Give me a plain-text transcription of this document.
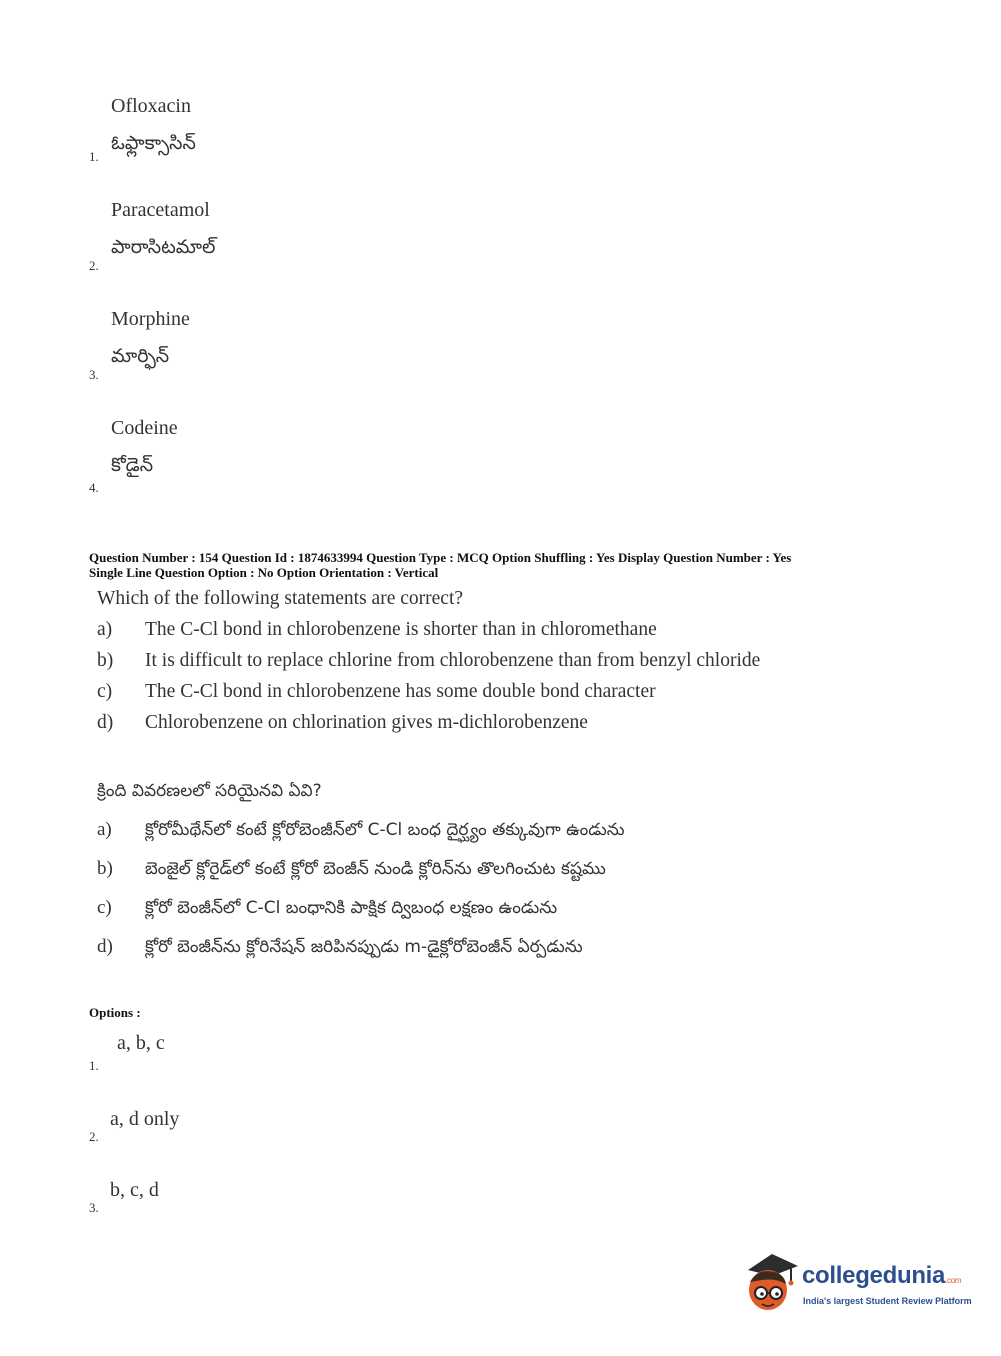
Ofloxacin
ఓఫ్లాక్సాసిన్
1.
Paracetamol
పారాసిటమాల్
2.
Morphine
మార్ఫిన్
3.
Codeine
కోడైన్
4.
Question Number : 154 Question Id : 1874633994 Question Type : MCQ Option Shuffling : Yes Display Question Number : Yes
Single Line Question Option : No Option Orientation : Vertical
Which of the following statements are correct?
a) The C-Cl bond in chlorobenzene is shorter than in chloromethane
b) It is difficult to replace chlorine from chlorobenzene than from benzyl chloride
c) The C-Cl bond in chlorobenzene has some double bond character
d) Chlorobenzene on chlorination gives m-dichlorobenzene
క్రింది వివరణలలో సరియైనవి ఏవి?
a) క్లోరోమీథేన్‌లో కంటే క్లోరోబెంజీన్‌లో C-Cl బంధ దైర్ఘ్యం తక్కువుగా ఉండును
b) బెంజైల్ క్లోరైడ్‌లో కంటే క్లోరో బెంజీన్ నుండి క్లోరిన్‌ను తొలగించుట కష్టము
c) క్లోరో బెంజీన్‌లో C-Cl బంధానికి పాక్షిక ద్విబంధ లక్షణం ఉండును
d) క్లోరో బెంజీన్‌ను క్లోరినేషన్ జరిపినప్పుడు m-డైక్లోరోబెంజీన్ ఏర్పడును
Options :
a, b, c
1.
a, d only
2.
b, c, d
3.
collegedunia.com
India's largest Student Review Platform
